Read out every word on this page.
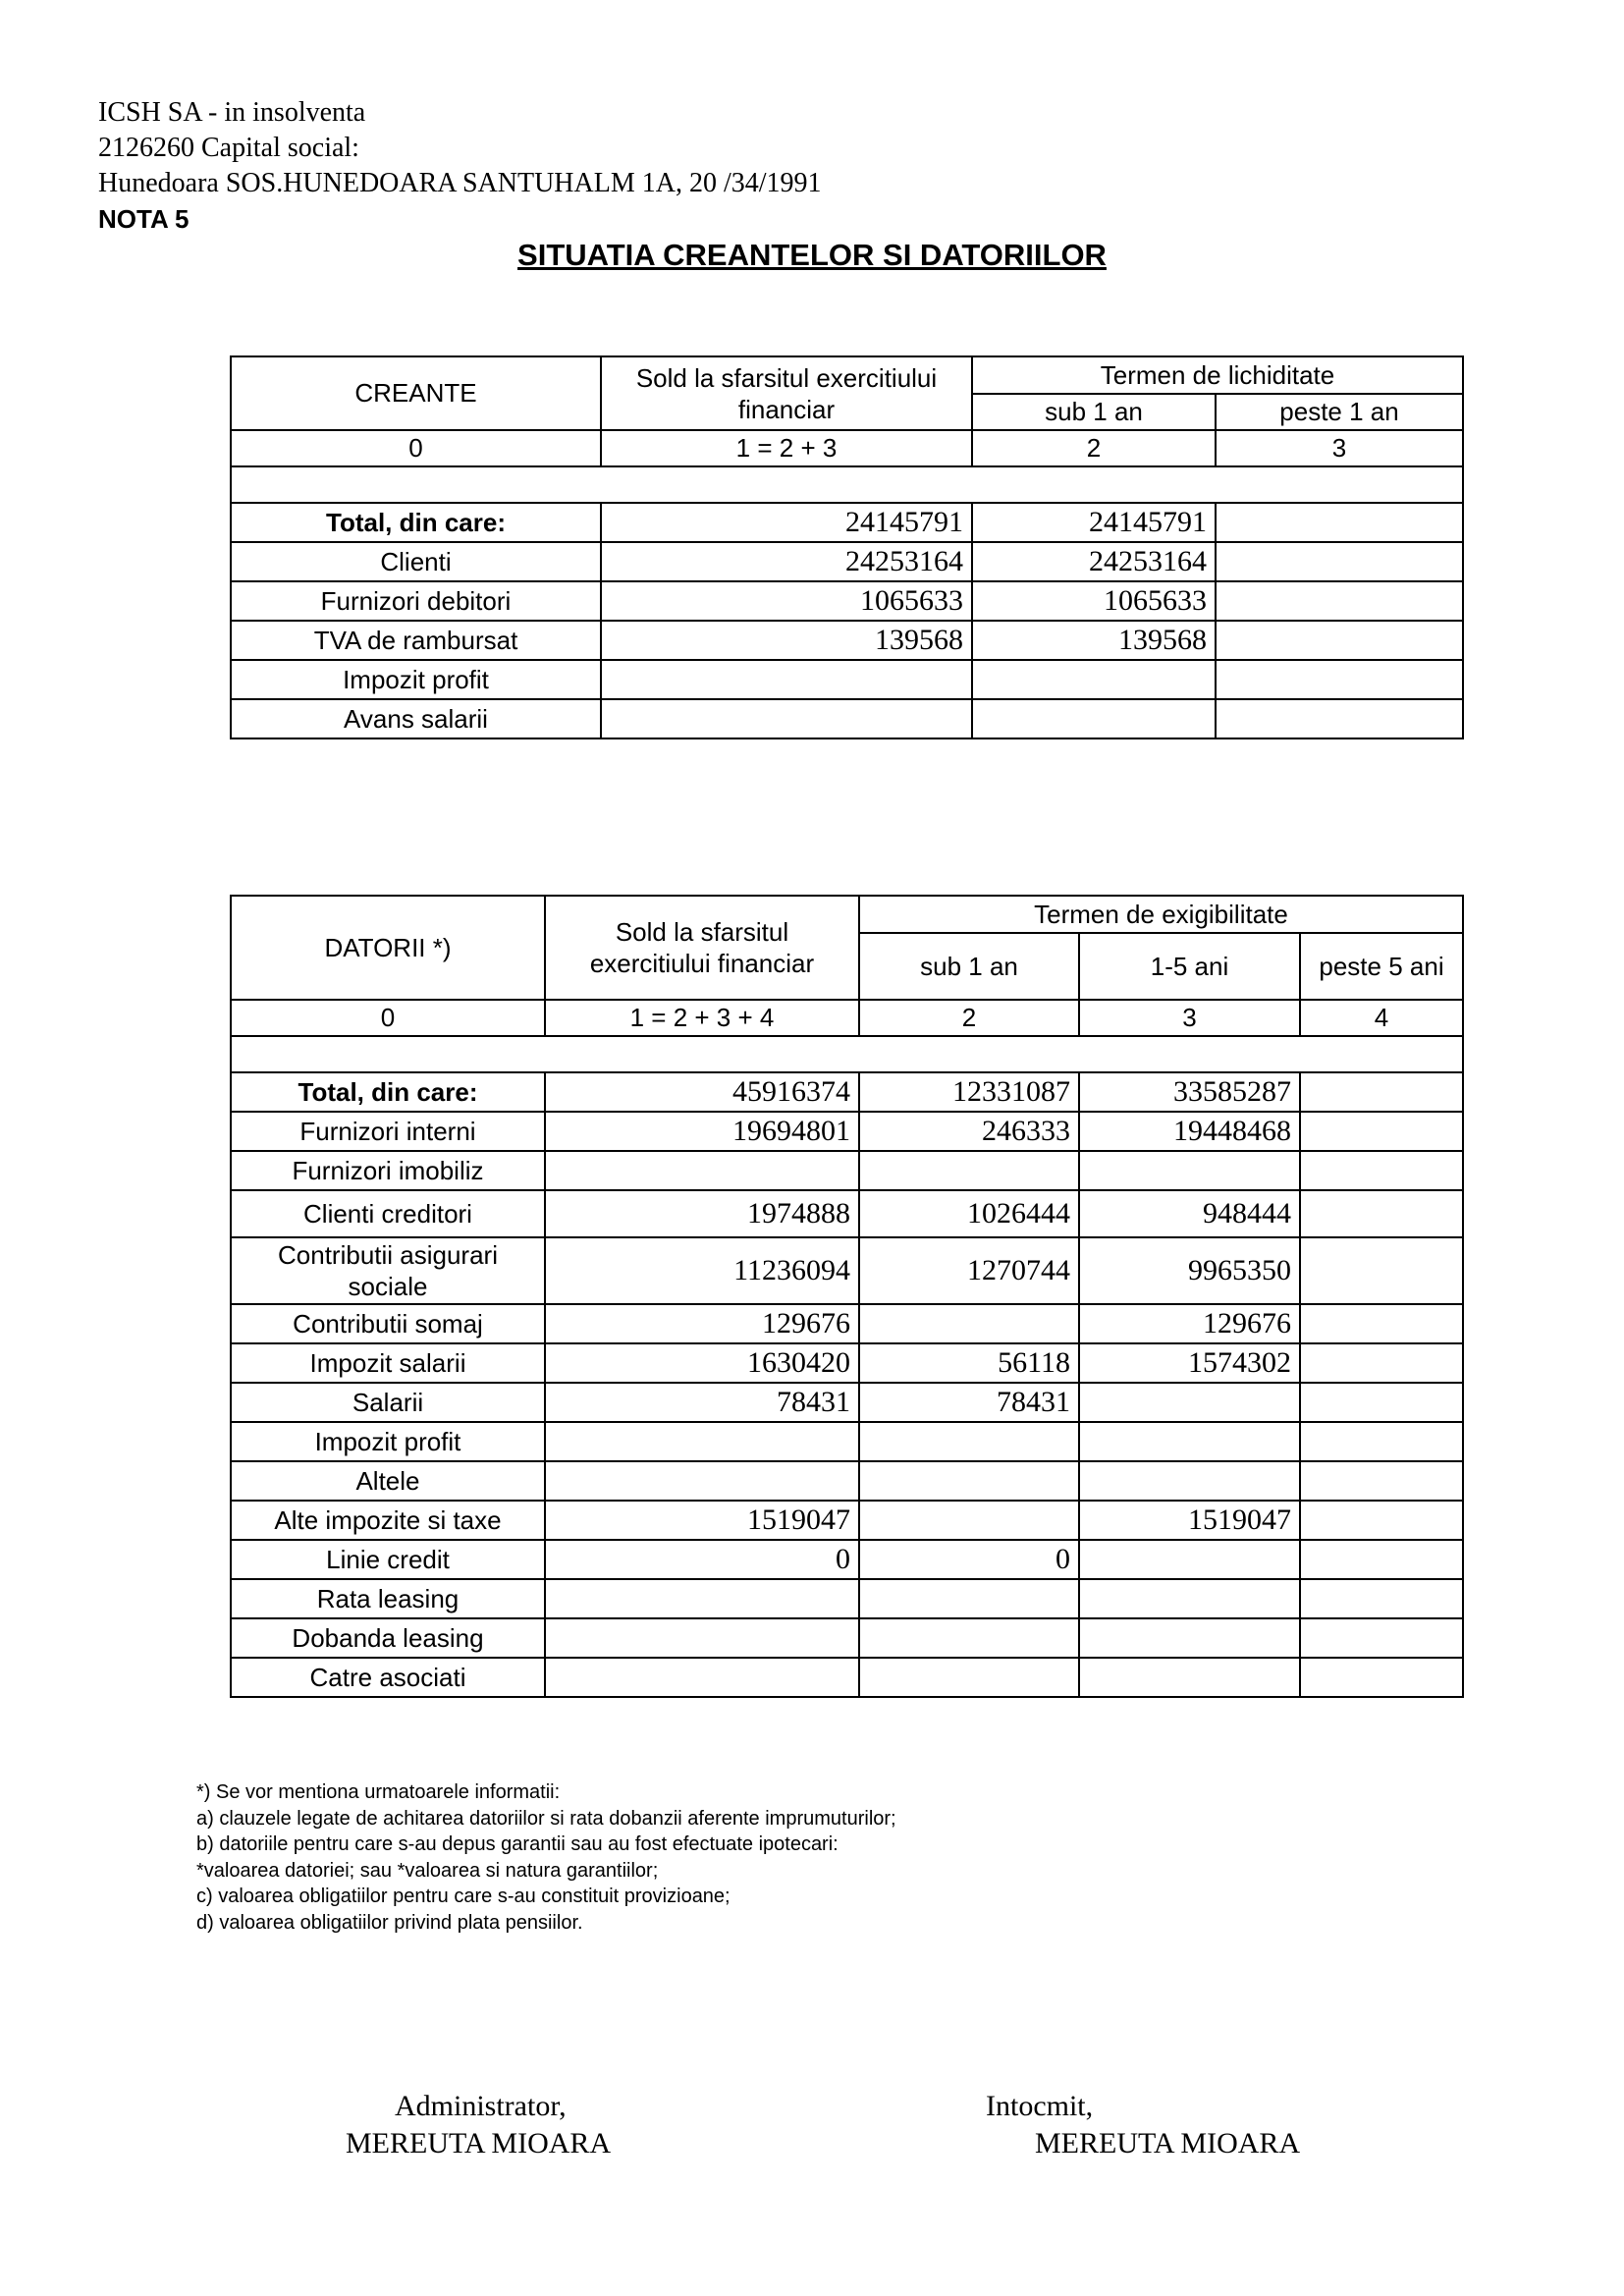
ICSH SA - in insolventa
2126260 Capital social:
Hunedoara SOS.HUNEDOARA SANTUHALM 1A, 20 /34/1991
NOTA 5
SITUATIA CREANTELOR SI DATORIILOR
CREANTE	Sold la sfarsitul exercitiului financiar	Termen de lichiditate	
		sub 1 an	peste 1 an
0	1 = 2 + 3	2	3

Total, din care:	24145791	24145791	
Clienti	24253164	24253164	
Furnizori debitori	1065633	1065633	
TVA de rambursat	139568	139568	
Impozit profit			
Avans salarii			
DATORII *)	Sold la sfarsitul exercitiului financiar	Termen de exigibilitate		
		sub 1 an	1-5 ani	peste 5 ani
0	1 = 2 + 3 + 4	2	3	4

Total, din care:	45916374	12331087	33585287	
Furnizori interni	19694801	246333	19448468	
Furnizori imobiliz				
Clienti creditori	1974888	1026444	948444	
Contributii asigurari sociale	11236094	1270744	9965350	
Contributii somaj	129676		129676	
Impozit salarii	1630420	56118	1574302	
Salarii	78431	78431		
Impozit profit				
Altele				
Alte impozite si taxe	1519047		1519047	
Linie credit	0	0		
Rata leasing				
Dobanda leasing				
Catre asociati				
*) Se vor mentiona urmatoarele informatii:
a) clauzele legate de achitarea datoriilor si rata dobanzii aferente imprumuturilor;
b) datoriile pentru care s-au depus garantii sau au fost efectuate ipotecari:
*valoarea datoriei; sau *valoarea si natura garantiilor;
c) valoarea obligatiilor pentru care s-au constituit provizioane;
d) valoarea obligatiilor privind plata pensiilor.
Administrator,
MEREUTA MIOARA
Intocmit,
MEREUTA MIOARA
